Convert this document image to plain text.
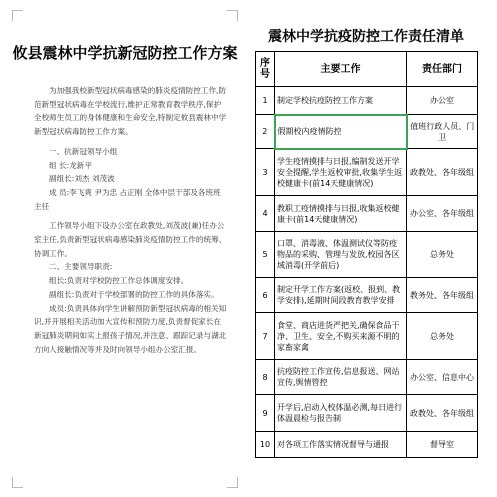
攸县震林中学抗新冠防控工作方案

为加强我校新型冠状病毒感染的肺炎疫情防控工作,防范新型冠状病毒在学校流行,维护正常教育教学秩序,保护全校师生员工的身体健康和生命安全,特制定攸县震林中学新型冠状病毒防控工作方案。

一、抗新冠领导小组

组 长:龙新平

副组长:刘杰 刘茂波

成 员:李飞爽 尹为忠 占正刚 全体中层干部及各班班主任

工作领导小组下设办公室在政教处,刘茂波(兼)任办公室主任,负责新型冠状病毒感染肺炎疫情防控工作的统筹、协调工作。

二、主要领导职责:

组长:负责对学校防控工作总体调度安排。

副组长:负责对于学校部署的防控工作的具体落实。

成员:负责具体向学生讲解预防新型冠状病毒的相关知识,并开展相关活动加大宣传和预防力度,负责督促家长在新冠肺炎期间如实上报孩子情况,并注意、跟踪记录与湖北方向人接触情况等并及时向领导小组办公室汇报。

震林中学抗疫防控工作责任清单
序号	主要工作	责任部门
1	制定学校抗疫防控工作方案	办公室
2	假期校内疫情防控	值班行政人员、门卫
3	学生疫情摸排与日报,编制发送开学安全提醒,学生返校审批,收集学生返校健康卡(前14天健康情况)	政教处、各年级组
4	教职工疫情摸排与日报,收集返校健康卡(前14天健康情况)	办公室、各年级组
5	口罩、消毒液、体温测试仪等防疫物品的采购、管理与发放,校园各区域消毒(开学前后)	总务处
6	制定开学工作方案(返校、报到、教学安排),延期时间段教育教学安排	教务处、各年级组
7	食堂、商店进货严把关,确保食品干净、卫生、安全,不购买来源不明的家畜家禽	总务处
8	抗疫防控工作宣传,信息报送、网站宣传,舆情管控	办公室、信息中心
9	开学后,启动入校体温必测,每日进行体温晨检与报告制	政教处、各年级组
10	对各项工作落实情况督导与通报	督导室
